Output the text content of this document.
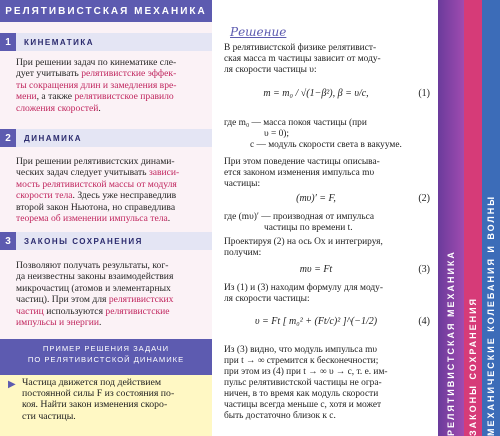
РЕЛЯТИВИСТСКАЯ МЕХАНИКА
1	КИНЕМАТИКА
При решении задач по кинематике сле-
дует учитывать релятивистские эффек-
ты сокращения длин и замедления вре-
мени, а также релятивистское правило
сложения скоростей.
2	ДИНАМИКА
При решении релятивистских динами-
ческих задач следует учитывать зависи-
мость релятивистской массы от модуля
скорости тела. Здесь уже несправедлив
второй закон Ньютона, но справедлива
теорема об изменении импульса тела.
3	ЗАКОНЫ СОХРАНЕНИЯ
Позволяют получать результаты, ког-
да неизвестны законы взаимодействия
микрочастиц (атомов и элементарных
частиц). При этом для релятивистских
частиц используются релятивистские
импульсы и энергии.
ПРИМЕР РЕШЕНИЯ ЗАДАЧИ
ПО РЕЛЯТИВИСТСКОЙ ДИНАМИКЕ
▶ Частица движется под действием
постоянной силы F из состояния по-
коя. Найти закон изменения скоро-
сти частицы.
Решение
В релятивистской физике релятивист-
ская масса m частицы зависит от моду-
ля скорости частицы υ:
m = m₀ / √(1−β²), β = υ/c,	(1)
где m₀ — масса покоя частицы (при
υ = 0);
c — модуль скорости света в вакууме.
При этом поведение частицы описыва-
ется законом изменения импульса mυ
частицы:
(mυ)′ = F,	(2)
где (mυ)′ — производная от импульса
частицы по времени t.
Проектируя (2) на ось Ox и интегрируя,
получим:
mυ = Ft	(3)
Из (1) и (3) находим формулу для моду-
ля скорости частицы:
υ = Ft [ m₀² + (Ft/c)² ]^(−1/2)	(4)
Из (3) видно, что модуль импульса mυ
при t → ∞ стремится к бесконечности;
при этом из (4) при t → ∞ υ → c, т. е. им-
пульс релятивистской частицы не огра-
ничен, в то время как модуль скорости
частицы всегда меньше c, хотя и может
быть достаточно близок к c.	РЕЛЯТИВИСТСКАЯ МЕХАНИКА ЗАКОНЫ СОХРАНЕНИЯ МЕХАНИЧЕСКИЕ КОЛЕБАНИЯ И ВОЛНЫ
